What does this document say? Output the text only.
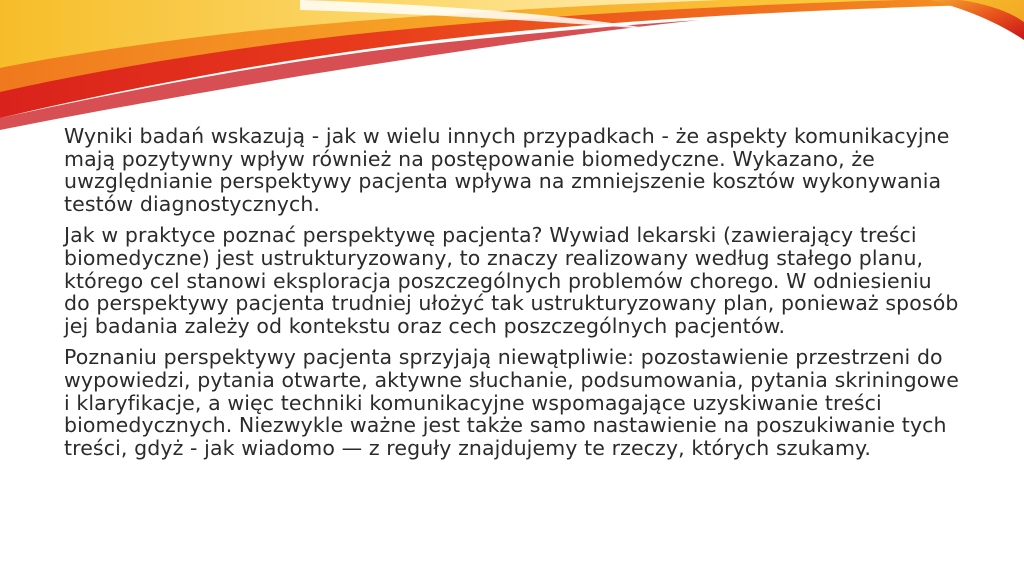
Wyniki badań wskazują - jak w wielu innych przypadkach - że aspekty komunikacyjne mają pozytywny wpływ również na postępowanie biomedyczne. Wykazano, że uwzględnianie perspektywy pacjenta wpływa na zmniejszenie kosztów wykonywania testów diagnostycznych.

Jak w praktyce poznać perspektywę pacjenta? Wywiad lekarski (zawierający treści biomedyczne) jest ustrukturyzowany, to znaczy realizowany według stałego planu, którego cel stanowi eksploracja poszczególnych problemów chorego. W odniesieniu do perspektywy pacjenta trudniej ułożyć tak ustrukturyzowany plan, ponieważ sposób jej badania zależy od kontekstu oraz cech poszczególnych pacjentów.

Poznaniu perspektywy pacjenta sprzyjają niewątpliwie: pozostawienie przestrzeni do wypowiedzi, pytania otwarte, aktywne słuchanie, podsumowania, pytania skriningowe i klaryfikacje, a więc techniki komunikacyjne wspomagające uzyskiwanie treści biomedycznych. Niezwykle ważne jest także samo nastawienie na poszukiwanie tych treści, gdyż - jak wiadomo — z reguły znajdujemy te rzeczy, których szukamy.
